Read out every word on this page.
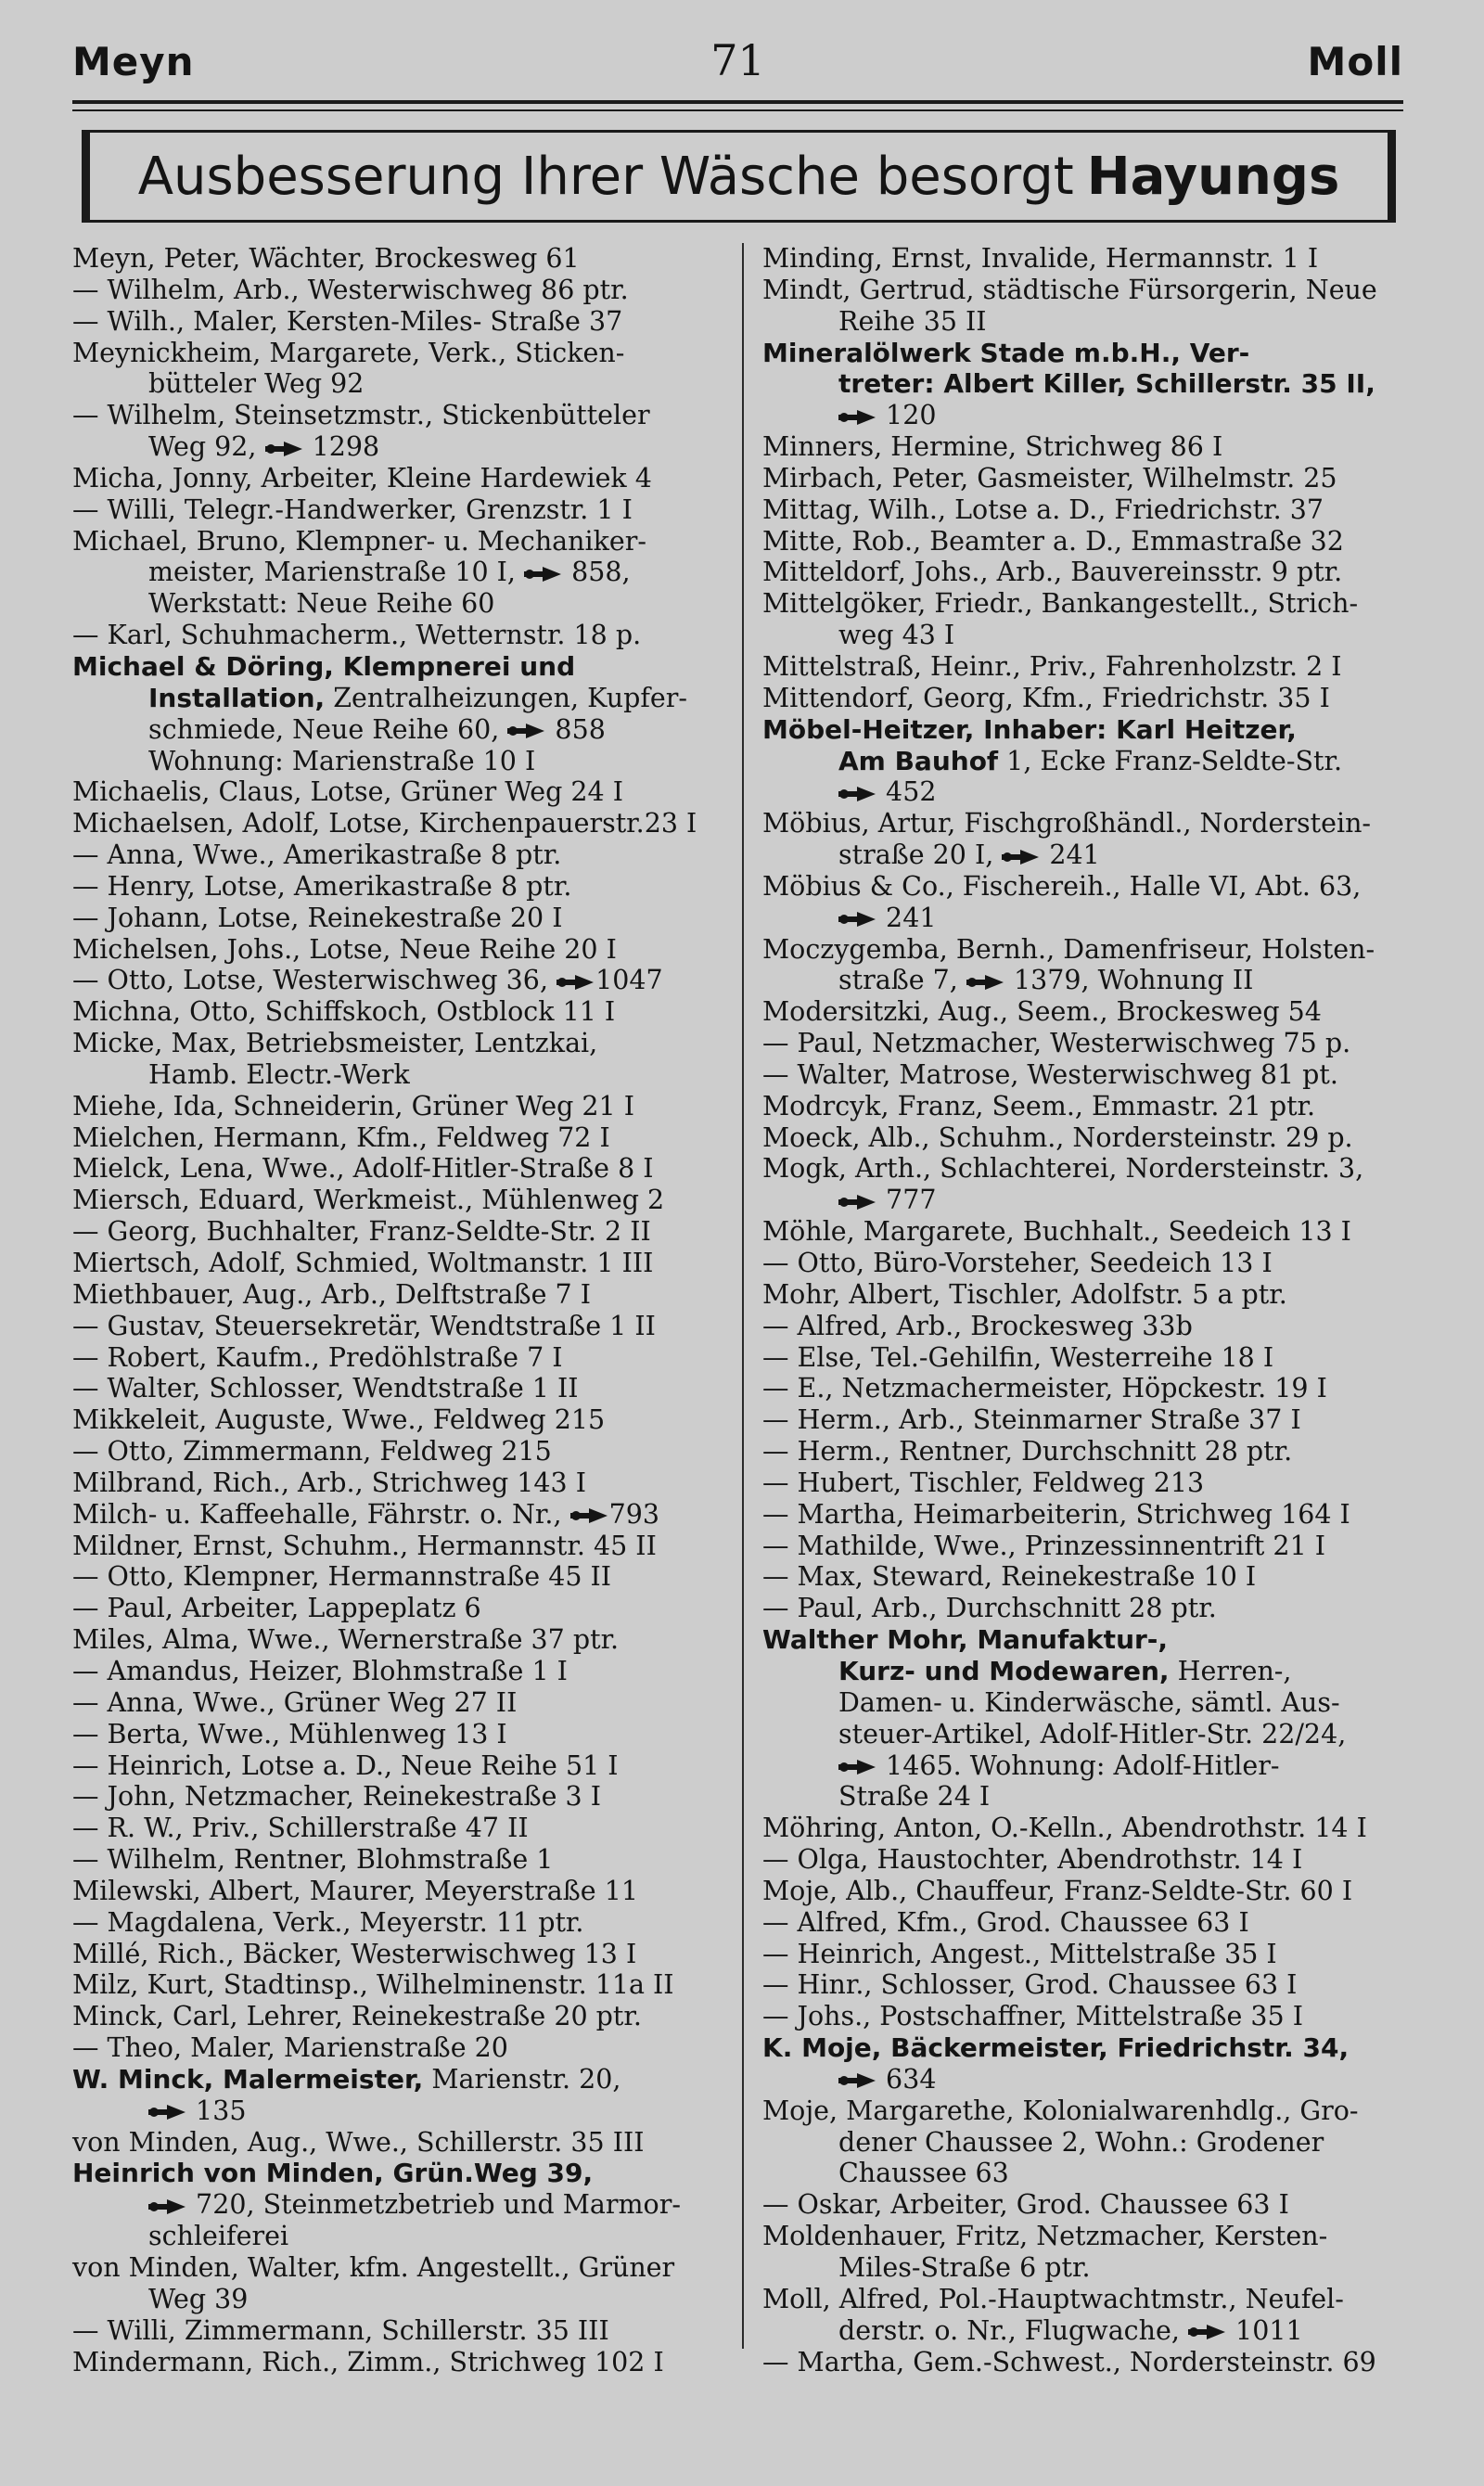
Meyn	71	Moll
Ausbesserung Ihrer Wäsche besorgt Hayungs
Meyn, Peter, Wächter, Brockesweg 61
— Wilhelm, Arb., Westerwischweg 86 ptr.
— Wilh., Maler, Kersten-Miles- Straße 37
Meynickheim, Margarete, Verk., Sticken-
bütteler Weg 92
— Wilhelm, Steinsetzmstr., Stickenbütteler
Weg 92,
1298
Micha, Jonny, Arbeiter, Kleine Hardewiek 4
— Willi, Telegr.-Handwerker, Grenzstr. 1 I
Michael, Bruno, Klempner- u. Mechaniker-
meister, Marienstraße 10 I,
858,
Werkstatt: Neue Reihe 60
— Karl, Schuhmacherm., Wetternstr. 18 p.
Michael & Döring, Klempnerei und
Installation, Zentralheizungen, Kupfer-
schmiede, Neue Reihe 60,
858
Wohnung: Marienstraße 10 I
Michaelis, Claus, Lotse, Grüner Weg 24 I
Michaelsen, Adolf, Lotse, Kirchenpauerstr.23 I
— Anna, Wwe., Amerikastraße 8 ptr.
— Henry, Lotse, Amerikastraße 8 ptr.
— Johann, Lotse, Reinekestraße 20 I
Michelsen, Johs., Lotse, Neue Reihe 20 I
— Otto, Lotse, Westerwischweg 36,
1047
Michna, Otto, Schiffskoch, Ostblock 11 I
Micke, Max, Betriebsmeister, Lentzkai,
Hamb. Electr.-Werk
Miehe, Ida, Schneiderin, Grüner Weg 21 I
Mielchen, Hermann, Kfm., Feldweg 72 I
Mielck, Lena, Wwe., Adolf-Hitler-Straße 8 I
Miersch, Eduard, Werkmeist., Mühlenweg 2
— Georg, Buchhalter, Franz-Seldte-Str. 2 II
Miertsch, Adolf, Schmied, Woltmanstr. 1 III
Miethbauer, Aug., Arb., Delftstraße 7 I
— Gustav, Steuersekretär, Wendtstraße 1 II
— Robert, Kaufm., Predöhlstraße 7 I
— Walter, Schlosser, Wendtstraße 1 II
Mikkeleit, Auguste, Wwe., Feldweg 215
— Otto, Zimmermann, Feldweg 215
Milbrand, Rich., Arb., Strichweg 143 I
Milch- u. Kaffeehalle, Fährstr. o. Nr.,
793
Mildner, Ernst, Schuhm., Hermannstr. 45 II
— Otto, Klempner, Hermannstraße 45 II
— Paul, Arbeiter, Lappeplatz 6
Miles, Alma, Wwe., Wernerstraße 37 ptr.
— Amandus, Heizer, Blohmstraße 1 I
— Anna, Wwe., Grüner Weg 27 II
— Berta, Wwe., Mühlenweg 13 I
— Heinrich, Lotse a. D., Neue Reihe 51 I
— John, Netzmacher, Reinekestraße 3 I
— R. W., Priv., Schillerstraße 47 II
— Wilhelm, Rentner, Blohmstraße 1
Milewski, Albert, Maurer, Meyerstraße 11
— Magdalena, Verk., Meyerstr. 11 ptr.
Millé, Rich., Bäcker, Westerwischweg 13 I
Milz, Kurt, Stadtinsp., Wilhelminenstr. 11a II
Minck, Carl, Lehrer, Reinekestraße 20 ptr.
— Theo, Maler, Marienstraße 20
W. Minck, Malermeister, Marienstr. 20,
135
von Minden, Aug., Wwe., Schillerstr. 35 III
Heinrich von Minden, Grün.Weg 39,
720, Steinmetzbetrieb und Marmor-
schleiferei
von Minden, Walter, kfm. Angestellt., Grüner
Weg 39
— Willi, Zimmermann, Schillerstr. 35 III
Mindermann, Rich., Zimm., Strichweg 102 I
Minding, Ernst, Invalide, Hermannstr. 1 I
Mindt, Gertrud, städtische Fürsorgerin, Neue
Reihe 35 II
Mineralölwerk Stade m.b.H., Ver-
treter: Albert Killer, Schillerstr. 35 II,
120
Minners, Hermine, Strichweg 86 I
Mirbach, Peter, Gasmeister, Wilhelmstr. 25
Mittag, Wilh., Lotse a. D., Friedrichstr. 37
Mitte, Rob., Beamter a. D., Emmastraße 32
Mitteldorf, Johs., Arb., Bauvereinsstr. 9 ptr.
Mittelgöker, Friedr., Bankangestellt., Strich-
weg 43 I
Mittelstraß, Heinr., Priv., Fahrenholzstr. 2 I
Mittendorf, Georg, Kfm., Friedrichstr. 35 I
Möbel-Heitzer, Inhaber: Karl Heitzer,
Am Bauhof 1, Ecke Franz-Seldte-Str.
452
Möbius, Artur, Fischgroßhändl., Norderstein-
straße 20 I,
241
Möbius & Co., Fischereih., Halle VI, Abt. 63,
241
Moczygemba, Bernh., Damenfriseur, Holsten-
straße 7,
1379, Wohnung II
Modersitzki, Aug., Seem., Brockesweg 54
— Paul, Netzmacher, Westerwischweg 75 p.
— Walter, Matrose, Westerwischweg 81 pt.
Modrcyk, Franz, Seem., Emmastr. 21 ptr.
Moeck, Alb., Schuhm., Nordersteinstr. 29 p.
Mogk, Arth., Schlachterei, Nordersteinstr. 3,
777
Möhle, Margarete, Buchhalt., Seedeich 13 I
— Otto, Büro-Vorsteher, Seedeich 13 I
Mohr, Albert, Tischler, Adolfstr. 5 a ptr.
— Alfred, Arb., Brockesweg 33b
— Else, Tel.-Gehilfin, Westerreihe 18 I
— E., Netzmachermeister, Höpckestr. 19 I
— Herm., Arb., Steinmarner Straße 37 I
— Herm., Rentner, Durchschnitt 28 ptr.
— Hubert, Tischler, Feldweg 213
— Martha, Heimarbeiterin, Strichweg 164 I
— Mathilde, Wwe., Prinzessinnentrift 21 I
— Max, Steward, Reinekestraße 10 I
— Paul, Arb., Durchschnitt 28 ptr.
Walther Mohr, Manufaktur-,
Kurz- und Modewaren, Herren-,
Damen- u. Kinderwäsche, sämtl. Aus-
steuer-Artikel, Adolf-Hitler-Str. 22/24,
1465. Wohnung: Adolf-Hitler-
Straße 24 I
Möhring, Anton, O.-Kelln., Abendrothstr. 14 I
— Olga, Haustochter, Abendrothstr. 14 I
Moje, Alb., Chauffeur, Franz-Seldte-Str. 60 I
— Alfred, Kfm., Grod. Chaussee 63 I
— Heinrich, Angest., Mittelstraße 35 I
— Hinr., Schlosser, Grod. Chaussee 63 I
— Johs., Postschaffner, Mittelstraße 35 I
K. Moje, Bäckermeister, Friedrichstr. 34,
634
Moje, Margarethe, Kolonialwarenhdlg., Gro-
dener Chaussee 2, Wohn.: Grodener
Chaussee 63
— Oskar, Arbeiter, Grod. Chaussee 63 I
Moldenhauer, Fritz, Netzmacher, Kersten-
Miles-Straße 6 ptr.
Moll, Alfred, Pol.-Hauptwachtmstr., Neufel-
derstr. o. Nr., Flugwache,
1011
— Martha, Gem.-Schwest., Nordersteinstr. 69
